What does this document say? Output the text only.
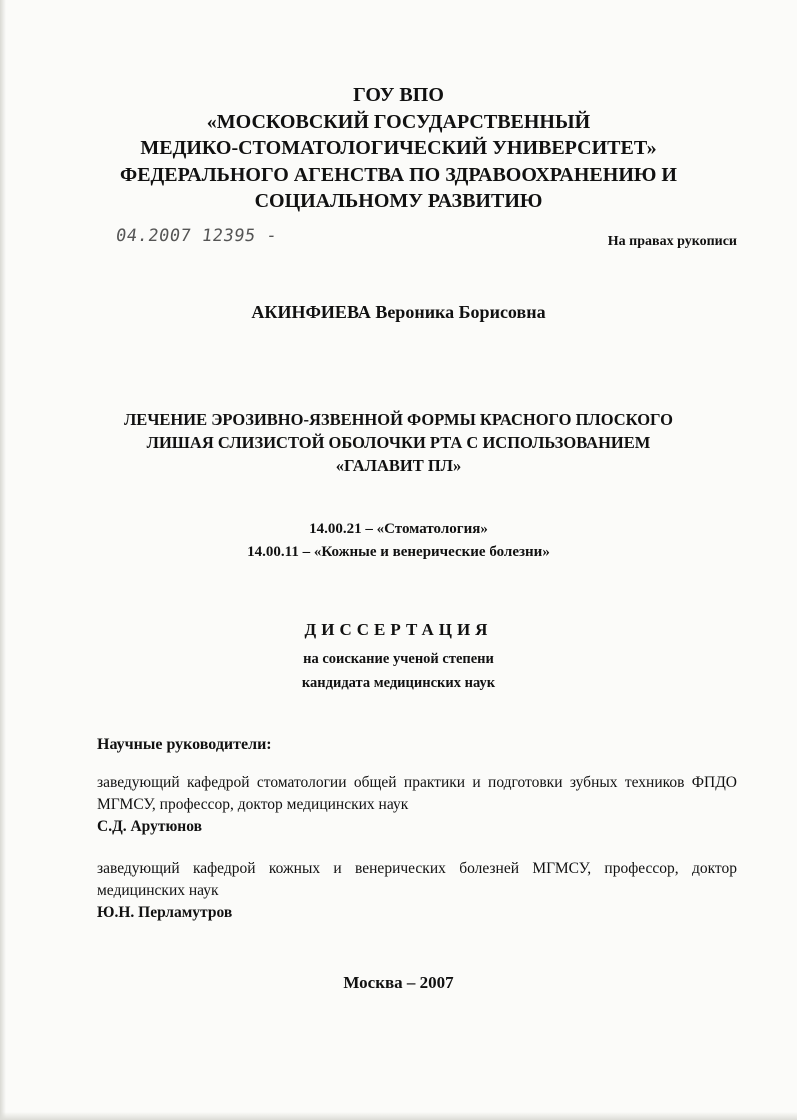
ГОУ ВПО
«МОСКОВСКИЙ ГОСУДАРСТВЕННЫЙ
МЕДИКО-СТОМАТОЛОГИЧЕСКИЙ УНИВЕРСИТЕТ»
ФЕДЕРАЛЬНОГО АГЕНСТВА ПО ЗДРАВООХРАНЕНИЮ И
СОЦИАЛЬНОМУ РАЗВИТИЮ
04.2007 12395 -	На правах рукописи
АКИНФИЕВА Вероника Борисовна
ЛЕЧЕНИЕ ЭРОЗИВНО-ЯЗВЕННОЙ ФОРМЫ КРАСНОГО ПЛОСКОГО
ЛИШАЯ СЛИЗИСТОЙ ОБОЛОЧКИ РТА С ИСПОЛЬЗОВАНИЕМ
«ГАЛАВИТ ПЛ»
14.00.21 – «Стоматология»
14.00.11 – «Кожные и венерические болезни»
ДИССЕРТАЦИЯ
на соискание ученой степени
кандидата медицинских наук
Научные руководители:
заведующий кафедрой стоматологии общей практики и подготовки зубных техников ФПДО МГМСУ, профессор, доктор медицинских наук
С.Д. Арутюнов
заведующий кафедрой кожных и венерических болезней МГМСУ, профессор, доктор медицинских наук
Ю.Н. Перламутров
Москва – 2007
